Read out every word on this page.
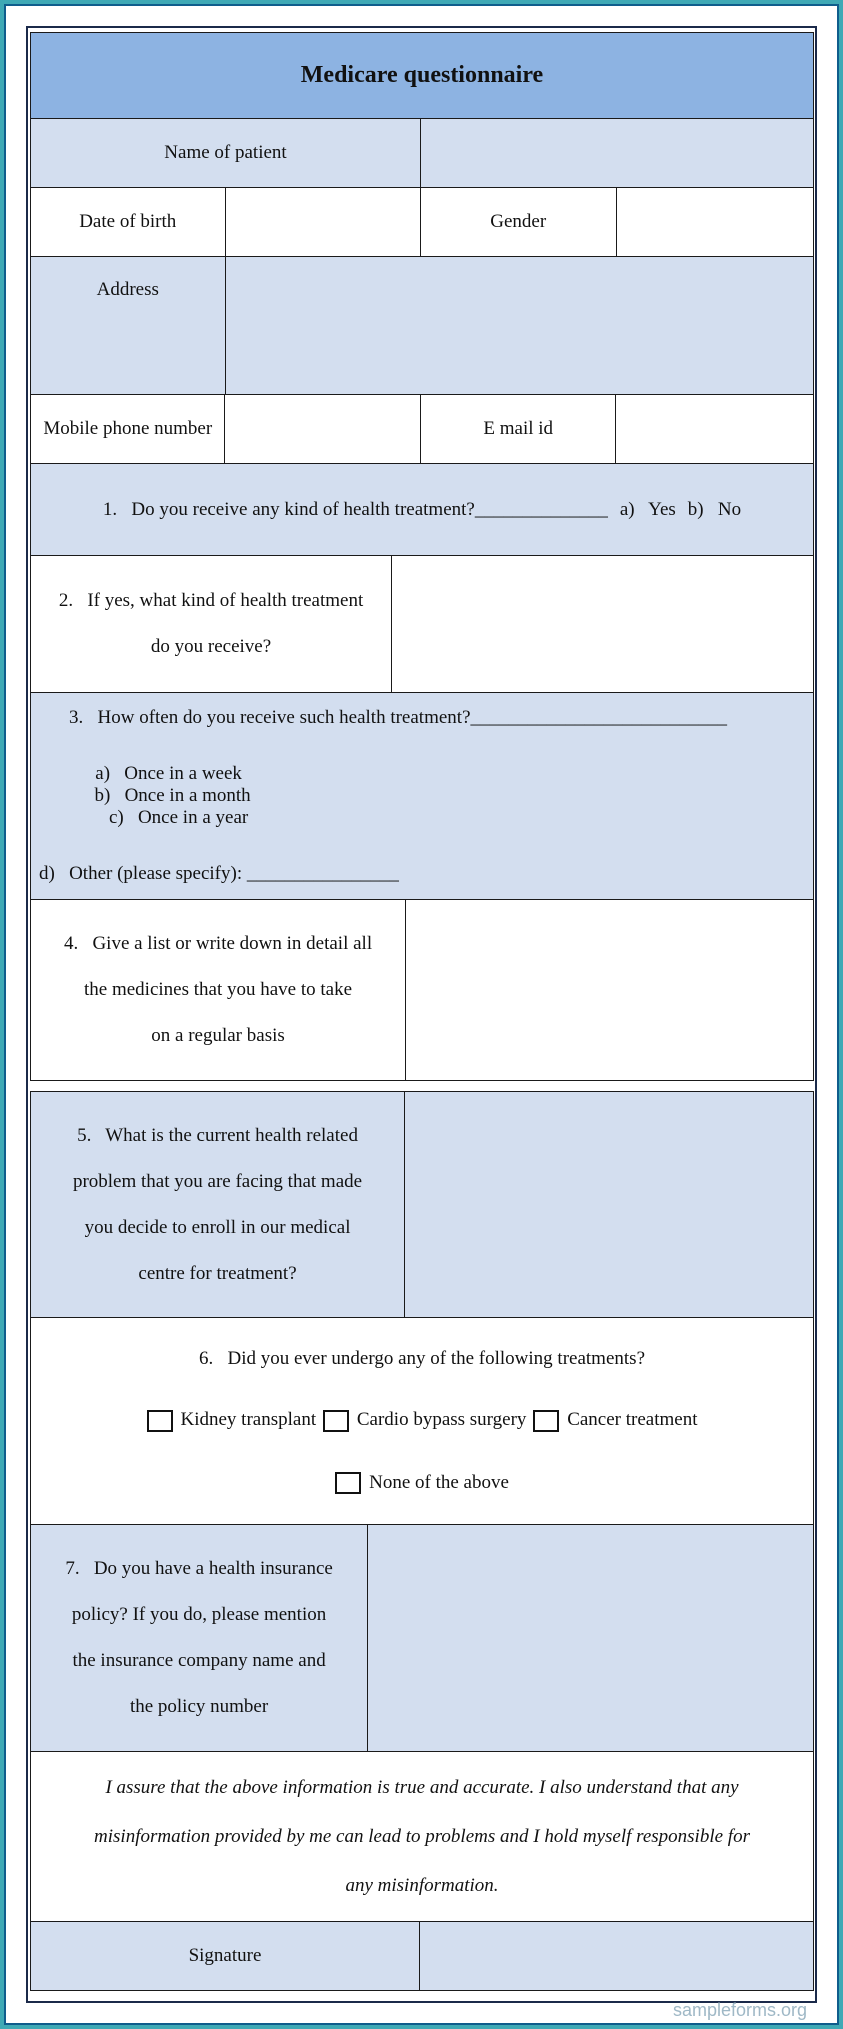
Medicare questionnaire
Name of patient
Date of birth	Gender
Address
Mobile phone number	E mail id
1.   Do you receive any kind of health treatment?______________ a)   Yes b)   No
2.   If yes, what kind of health treatment
do you receive?
3.   How often do you receive such health treatment?___________________________

a)   Once in a week
b)   Once in a month
c)   Once in a year

d)   Other (please specify): ________________
4.   Give a list or write down in detail all
the medicines that you have to take
on a regular basis
5.   What is the current health related
problem that you are facing that made
you decide to enroll in our medical
centre for treatment?
6.   Did you ever undergo any of the following treatments?
Kidney transplant Cardio bypass surgery Cancer treatment
None of the above
7.   Do you have a health insurance
policy? If you do, please mention
the insurance company name and
the policy number
I assure that the above information is true and accurate. I also understand that any
misinformation provided by me can lead to problems and I hold myself responsible for
any misinformation.
Signature
sampleforms.org
